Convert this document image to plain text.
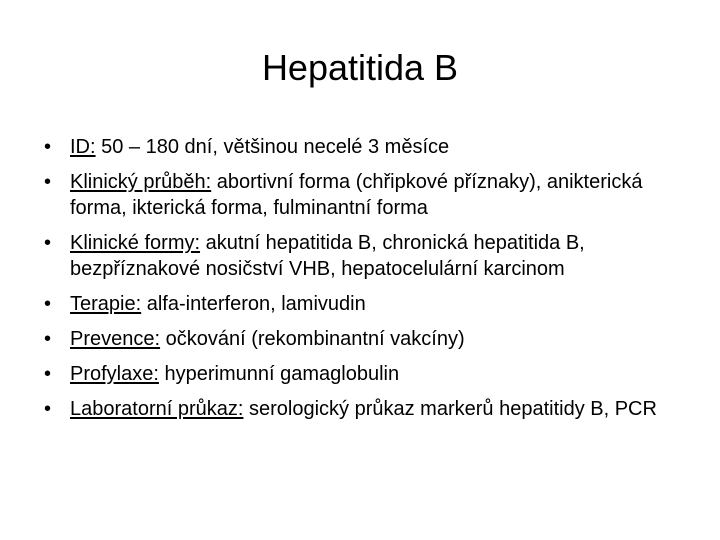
Hepatitida B
• ID: 50 – 180 dní, většinou necelé 3 měsíce
• Klinický průběh: abortivní forma (chřipkové příznaky), anikterická forma, ikterická forma, fulminantní forma
• Klinické formy: akutní hepatitida B, chronická hepatitida B, bezpříznakové nosičství VHB, hepatocelulární karcinom
• Terapie: alfa-interferon, lamivudin
• Prevence: očkování (rekombinantní vakcíny)
• Profylaxe: hyperimunní gamaglobulin
• Laboratorní průkaz: serologický průkaz markerů hepatitidy B, PCR
